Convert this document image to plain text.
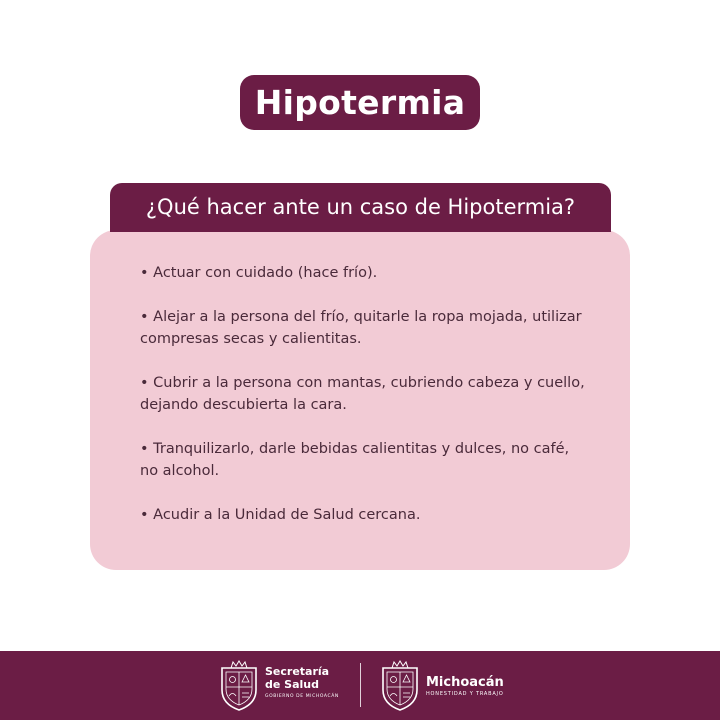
Hipotermia
¿Qué hacer ante un caso de Hipotermia?
• Actuar con cuidado (hace frío).
• Alejar a la persona del frío, quitarle la ropa mojada, utilizar compresas secas y calientitas.
• Cubrir a la persona con mantas, cubriendo cabeza y cuello, dejando descubierta la cara.
• Tranquilizarlo, darle bebidas calientitas y dulces, no café, no alcohol.
• Acudir a la Unidad de Salud cercana.
Secretaría
de Salud
GOBIERNO DE MICHOACÁN
Michoacán
HONESTIDAD Y TRABAJO
